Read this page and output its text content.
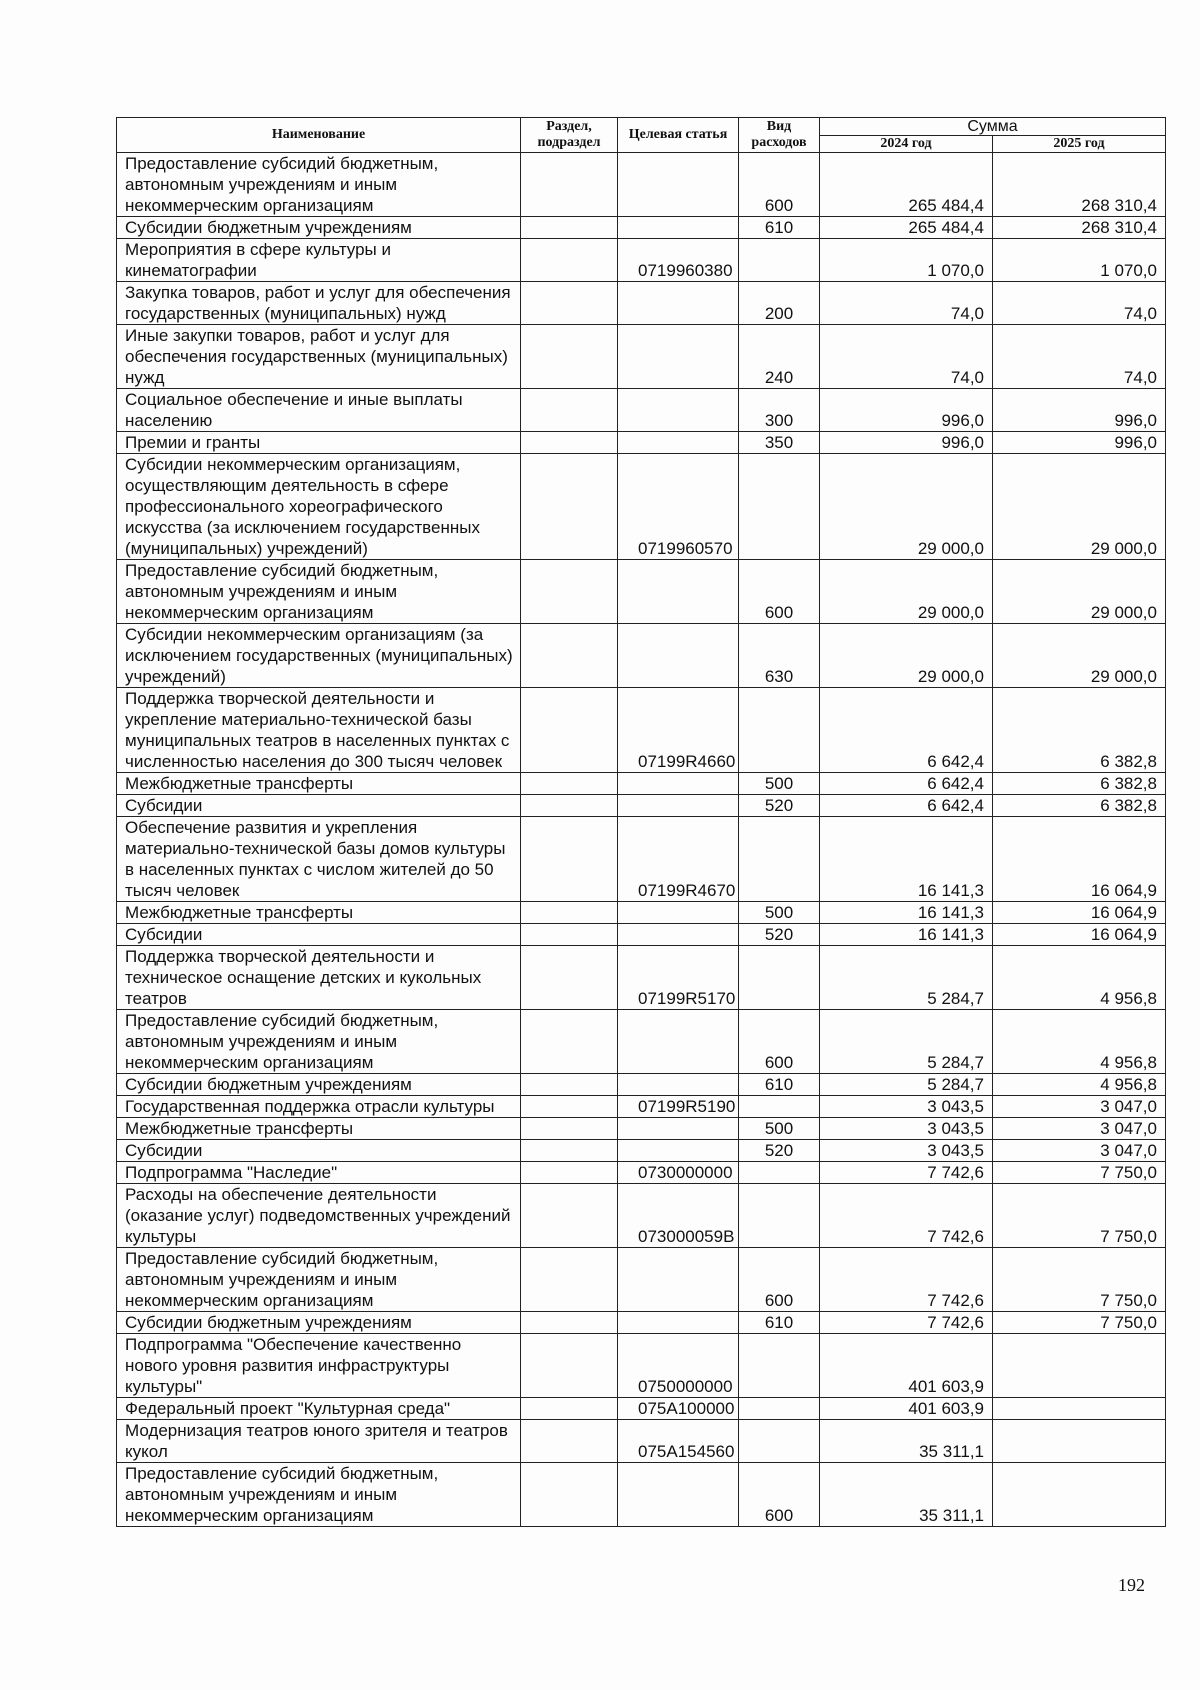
Наименование	Раздел, подраздел	Целевая статья	Вид расходов	Сумма	
				2024 год	2025 год
Предоставление субсидий бюджетным, автономным учреждениям и иным некоммерческим организациям			600	265 484,4	268 310,4
Субсидии бюджетным учреждениям			610	265 484,4	268 310,4
Мероприятия в сфере культуры и кинематографии		0719960380		1 070,0	1 070,0
Закупка товаров, работ и услуг для обеспечения государственных (муниципальных) нужд			200	74,0	74,0
Иные закупки товаров, работ и услуг для обеспечения государственных (муниципальных) нужд			240	74,0	74,0
Социальное обеспечение и иные выплаты населению			300	996,0	996,0
Премии и гранты			350	996,0	996,0
Субсидии некоммерческим организациям, осуществляющим деятельность в сфере профессионального хореографического искусства (за исключением государственных (муниципальных) учреждений)		0719960570		29 000,0	29 000,0
Предоставление субсидий бюджетным, автономным учреждениям и иным некоммерческим организациям			600	29 000,0	29 000,0
Субсидии некоммерческим организациям (за исключением государственных (муниципальных) учреждений)			630	29 000,0	29 000,0
Поддержка творческой деятельности и укрепление материально-технической базы муниципальных театров в населенных пунктах с численностью населения до 300 тысяч человек		07199R4660		6 642,4	6 382,8
Межбюджетные трансферты			500	6 642,4	6 382,8
Субсидии			520	6 642,4	6 382,8
Обеспечение развития и укрепления материально-технической базы домов культуры в населенных пунктах с числом жителей до 50 тысяч человек		07199R4670		16 141,3	16 064,9
Межбюджетные трансферты			500	16 141,3	16 064,9
Субсидии			520	16 141,3	16 064,9
Поддержка творческой деятельности и техническое оснащение детских и кукольных театров		07199R5170		5 284,7	4 956,8
Предоставление субсидий бюджетным, автономным учреждениям и иным некоммерческим организациям			600	5 284,7	4 956,8
Субсидии бюджетным учреждениям			610	5 284,7	4 956,8
Государственная поддержка отрасли культуры		07199R5190		3 043,5	3 047,0
Межбюджетные трансферты			500	3 043,5	3 047,0
Субсидии			520	3 043,5	3 047,0
Подпрограмма "Наследие"		0730000000		7 742,6	7 750,0
Расходы на обеспечение деятельности (оказание услуг) подведомственных учреждений культуры		073000059В		7 742,6	7 750,0
Предоставление субсидий бюджетным, автономным учреждениям и иным некоммерческим организациям			600	7 742,6	7 750,0
Субсидии бюджетным учреждениям			610	7 742,6	7 750,0
Подпрограмма "Обеспечение качественно нового уровня развития инфраструктуры культуры"		0750000000		401 603,9	
Федеральный проект "Культурная среда"		075А100000		401 603,9	
Модернизация театров юного зрителя и театров кукол		075А154560		35 311,1	
Предоставление субсидий бюджетным, автономным учреждениям и иным некоммерческим организациям			600	35 311,1	
192
